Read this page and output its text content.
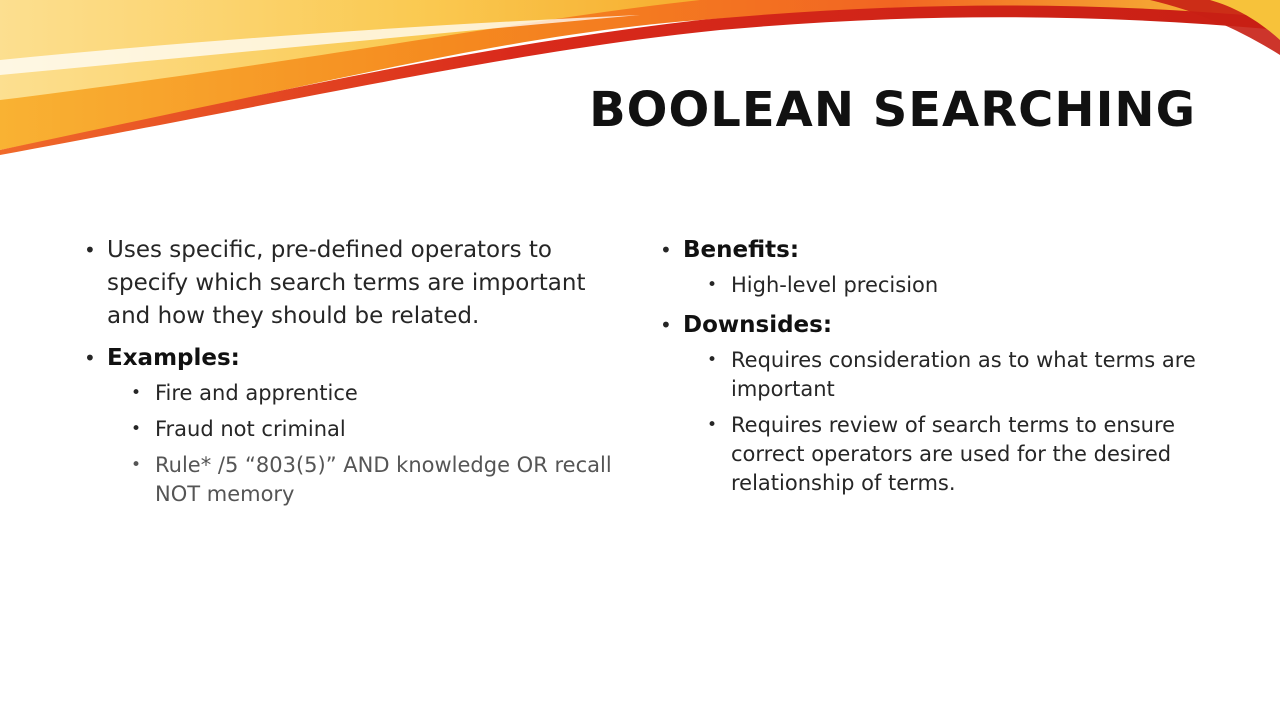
BOOLEAN SEARCHING
• Uses specific, pre-defined operators to specify which search terms are important and how they should be related.
• Examples:
• Fire and apprentice
• Fraud not criminal
• Rule* /5 “803(5)” AND knowledge OR recall NOT memory
• Benefits:
• High-level precision
• Downsides:
• Requires consideration as to what terms are important
• Requires review of search terms to ensure correct operators are used for the desired relationship of terms.
